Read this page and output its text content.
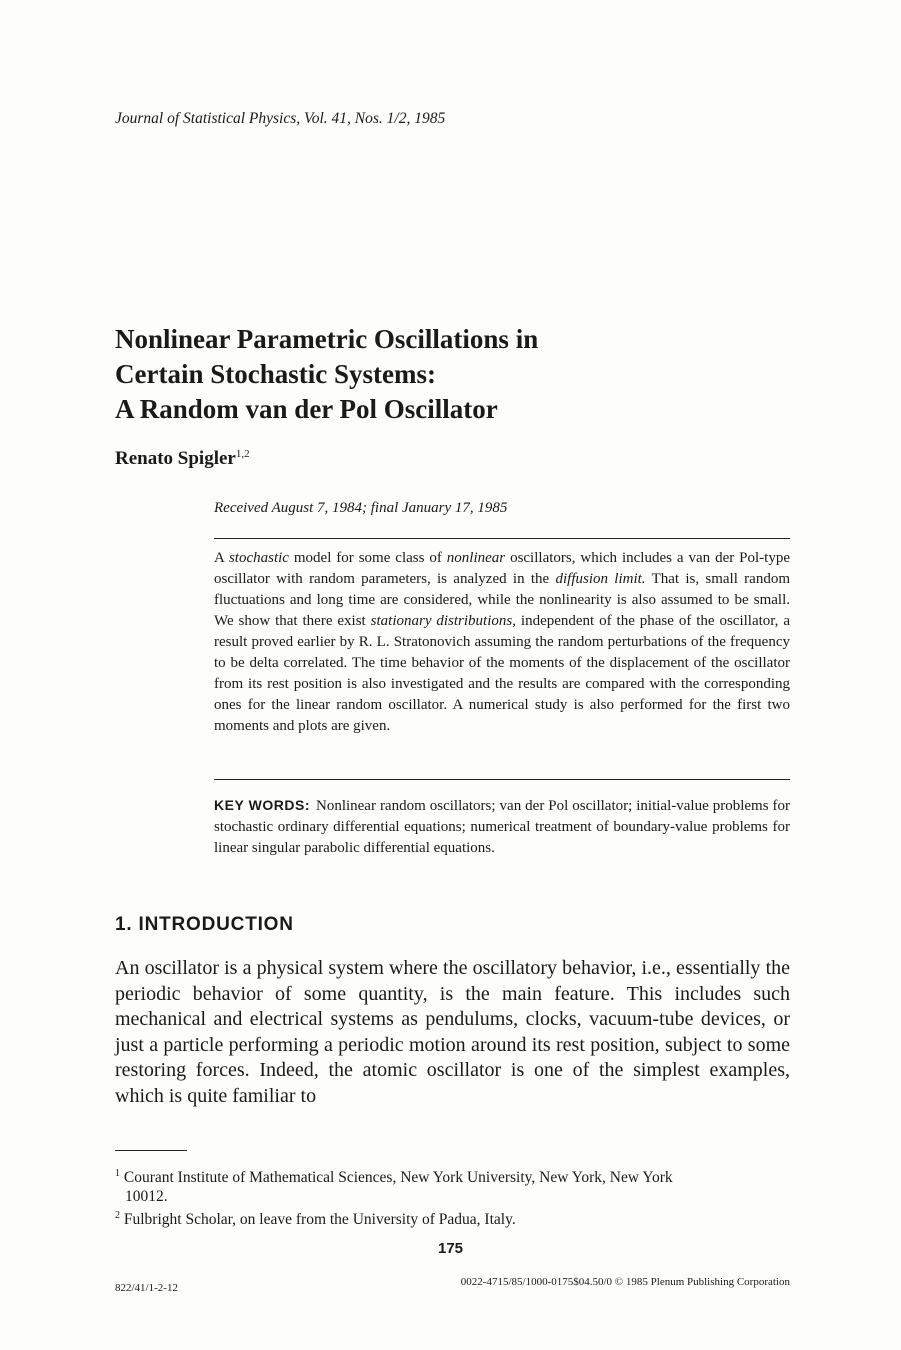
Journal of Statistical Physics, Vol. 41, Nos. 1/2, 1985
Nonlinear Parametric Oscillations in
Certain Stochastic Systems:
A Random van der Pol Oscillator
Renato Spigler$^{1,2}$
Received August 7, 1984; final January 17, 1985
A stochastic model for some class of nonlinear oscillators, which includes a van der Pol-type oscillator with random parameters, is analyzed in the diffusion limit. That is, small random fluctuations and long time are considered, while the nonlinearity is also assumed to be small. We show that there exist stationary distributions, independent of the phase of the oscillator, a result proved earlier by R. L. Stratonovich assuming the random perturbations of the frequency to be delta correlated. The time behavior of the moments of the displacement of the oscillator from its rest position is also investigated and the results are compared with the corresponding ones for the linear random oscillator. A numerical study is also performed for the first two moments and plots are given.
KEY WORDS: Nonlinear random oscillators; van der Pol oscillator; initial-value problems for stochastic ordinary differential equations; numerical treatment of boundary-value problems for linear singular parabolic differential equations.
1. INTRODUCTION
An oscillator is a physical system where the oscillatory behavior, i.e., essentially the periodic behavior of some quantity, is the main feature. This includes such mechanical and electrical systems as pendulums, clocks, vacuum-tube devices, or just a particle performing a periodic motion around its rest position, subject to some restoring forces. Indeed, the atomic oscillator is one of the simplest examples, which is quite familiar to
$^1$ Courant Institute of Mathematical Sciences, New York University, New York, New York
10012.
$^2$ Fulbright Scholar, on leave from the University of Padua, Italy.
175
822/41/1-2-12	0022-4715/85/1000-0175$04.50/0 © 1985 Plenum Publishing Corporation
